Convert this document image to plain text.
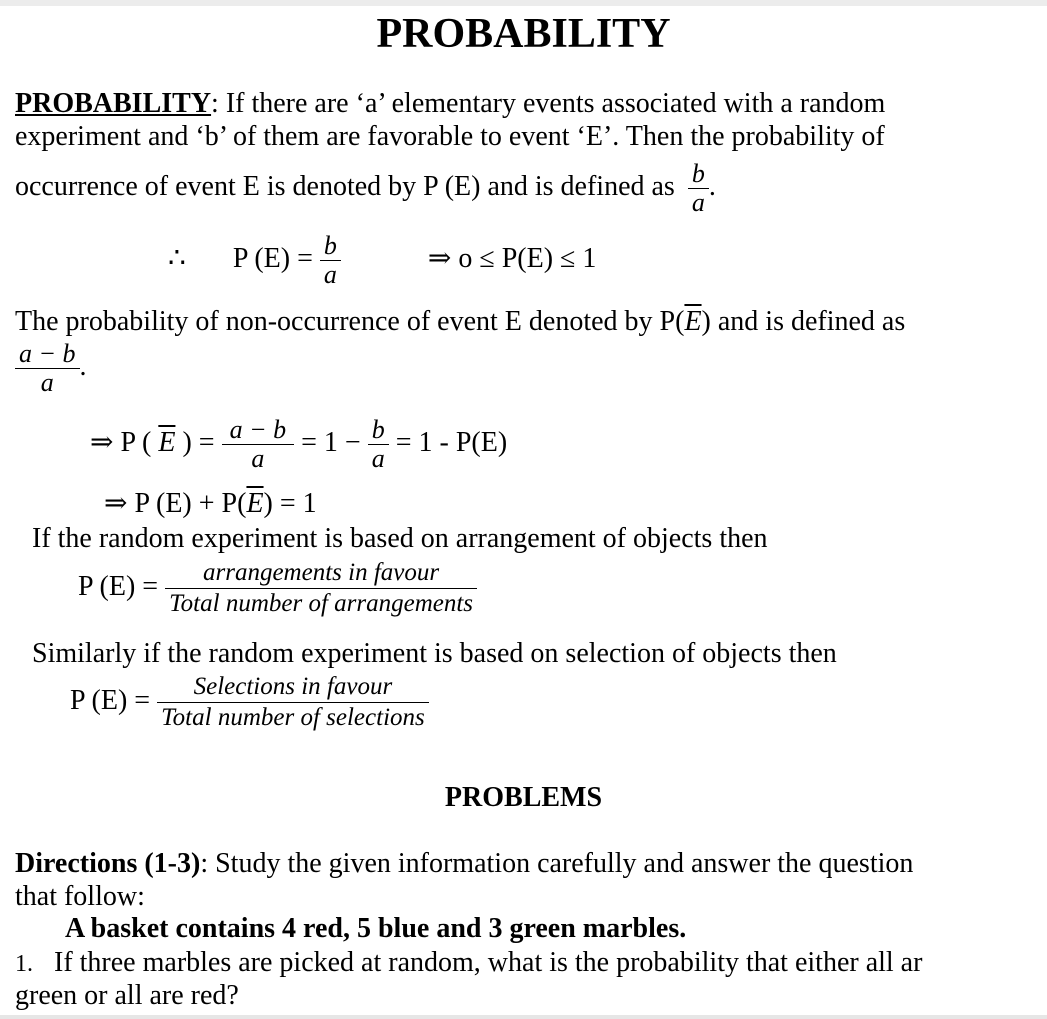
PROBABILITY
PROBABILITY: If there are ‘a’ elementary events associated with a random
experiment and ‘b’ of them are favorable to event ‘E’. Then the probability of
occurrence of event E is denoted by P (E) and is defined as $\frac{b}{a}$ .
∴ P $(E) = \frac{b}{a}$	⇒ o ≤ P(E) ≤ 1
The probability of non-occurrence of event E denoted by $P(\overline{E})$ and is defined as
$\frac{a - b}{a}$ .
⇒ P ( $\overline{E}$ ) = $\frac{a - b}{a} = 1 - \frac{b}{a} = 1 - P(E)$
⇒ P $(E) + P(\overline{E}) = 1$
If the random experiment is based on arrangement of objects then
P $(E) = \frac{\text{arrangements in favour}}{\text{Total number of arrangements}}$
Similarly if the random experiment is based on selection of objects then
P $(E) = \frac{\text{Selections in favour}}{\text{Total number of selections}}$
PROBLEMS
Directions (1-3): Study the given information carefully and answer the question
that follow:
A basket contains 4 red, 5 blue and 3 green marbles.
1. If three marbles are picked at random, what is the probability that either all ar
green or all are red?
